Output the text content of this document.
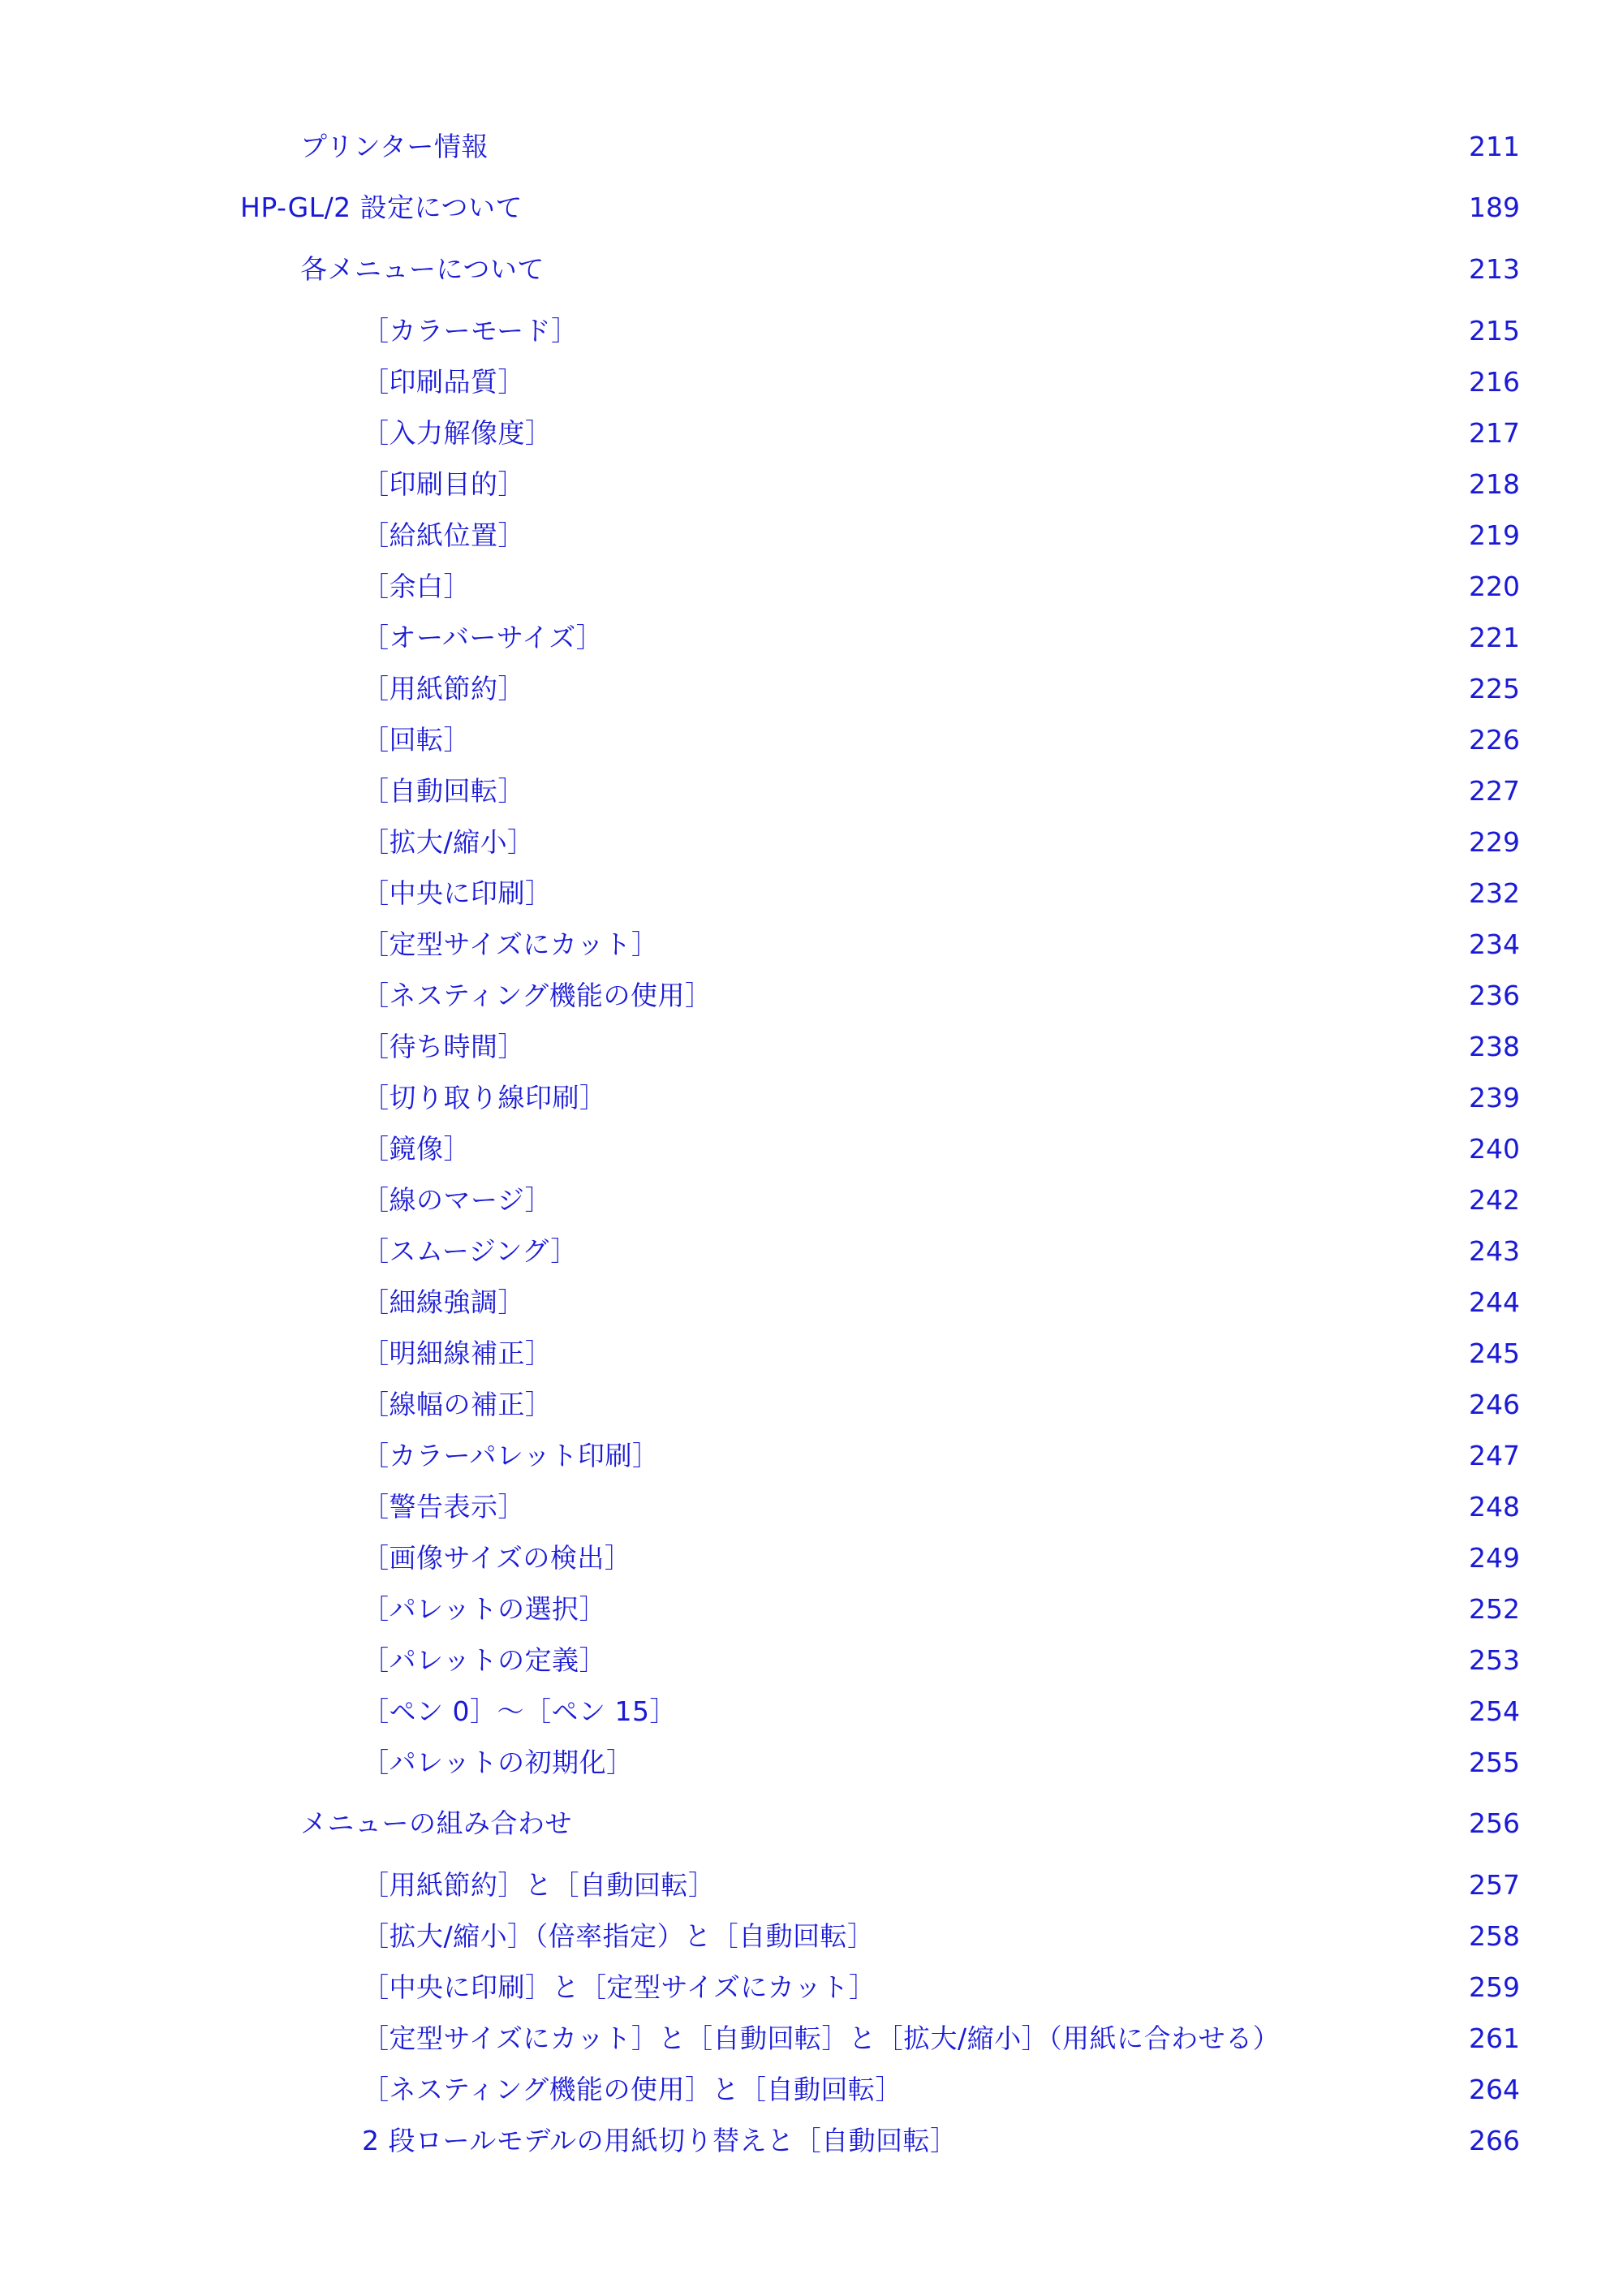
プリンター情報	211
HP-GL/2 設定について	189
各メニューについて	213
［カラーモード］	215
［印刷品質］	216
［入力解像度］	217
［印刷目的］	218
［給紙位置］	219
［余白］	220
［オーバーサイズ］	221
［用紙節約］	225
［回転］	226
［自動回転］	227
［拡大/縮小］	229
［中央に印刷］	232
［定型サイズにカット］	234
［ネスティング機能の使用］	236
［待ち時間］	238
［切り取り線印刷］	239
［鏡像］	240
［線のマージ］	242
［スムージング］	243
［細線強調］	244
［明細線補正］	245
［線幅の補正］	246
［カラーパレット印刷］	247
［警告表示］	248
［画像サイズの検出］	249
［パレットの選択］	252
［パレットの定義］	253
［ペン 0］～［ペン 15］	254
［パレットの初期化］	255
メニューの組み合わせ	256
［用紙節約］と［自動回転］	257
［拡大/縮小］（倍率指定）と［自動回転］	258
［中央に印刷］と［定型サイズにカット］	259
［定型サイズにカット］と［自動回転］と［拡大/縮小］（用紙に合わせる）	261
［ネスティング機能の使用］と［自動回転］	264
2 段ロールモデルの用紙切り替えと［自動回転］	266
